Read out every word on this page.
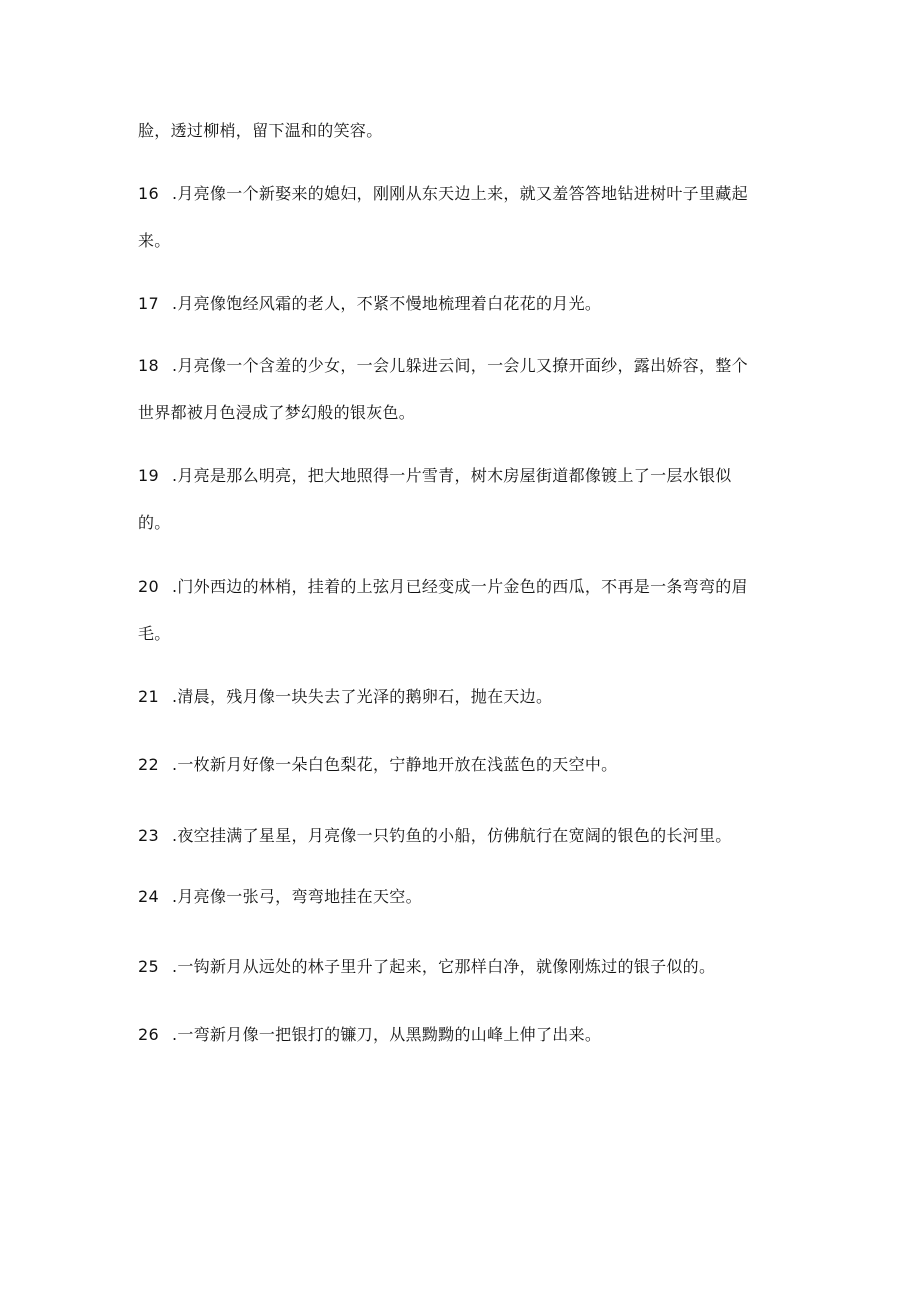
脸，透过柳梢，留下温和的笑容。
16 .月亮像一个新娶来的媳妇，刚刚从东天边上来，就又羞答答地钻进树叶子里藏起
来。
17 .月亮像饱经风霜的老人，不紧不慢地梳理着白花花的月光。
18 .月亮像一个含羞的少女，一会儿躲进云间，一会儿又撩开面纱，露出娇容，整个
世界都被月色浸成了梦幻般的银灰色。
19 .月亮是那么明亮，把大地照得一片雪青，树木房屋街道都像镀上了一层水银似
的。
20 .门外西边的林梢，挂着的上弦月已经变成一片金色的西瓜，不再是一条弯弯的眉
毛。
21 .清晨，残月像一块失去了光泽的鹅卵石，抛在天边。
22 .一枚新月好像一朵白色梨花，宁静地开放在浅蓝色的天空中。
23 .夜空挂满了星星，月亮像一只钓鱼的小船，仿佛航行在宽阔的银色的长河里。
24 .月亮像一张弓，弯弯地挂在天空。
25 .一钩新月从远处的林子里升了起来，它那样白净，就像刚炼过的银子似的。
26 .一弯新月像一把银打的镰刀，从黑黝黝的山峰上伸了出来。
